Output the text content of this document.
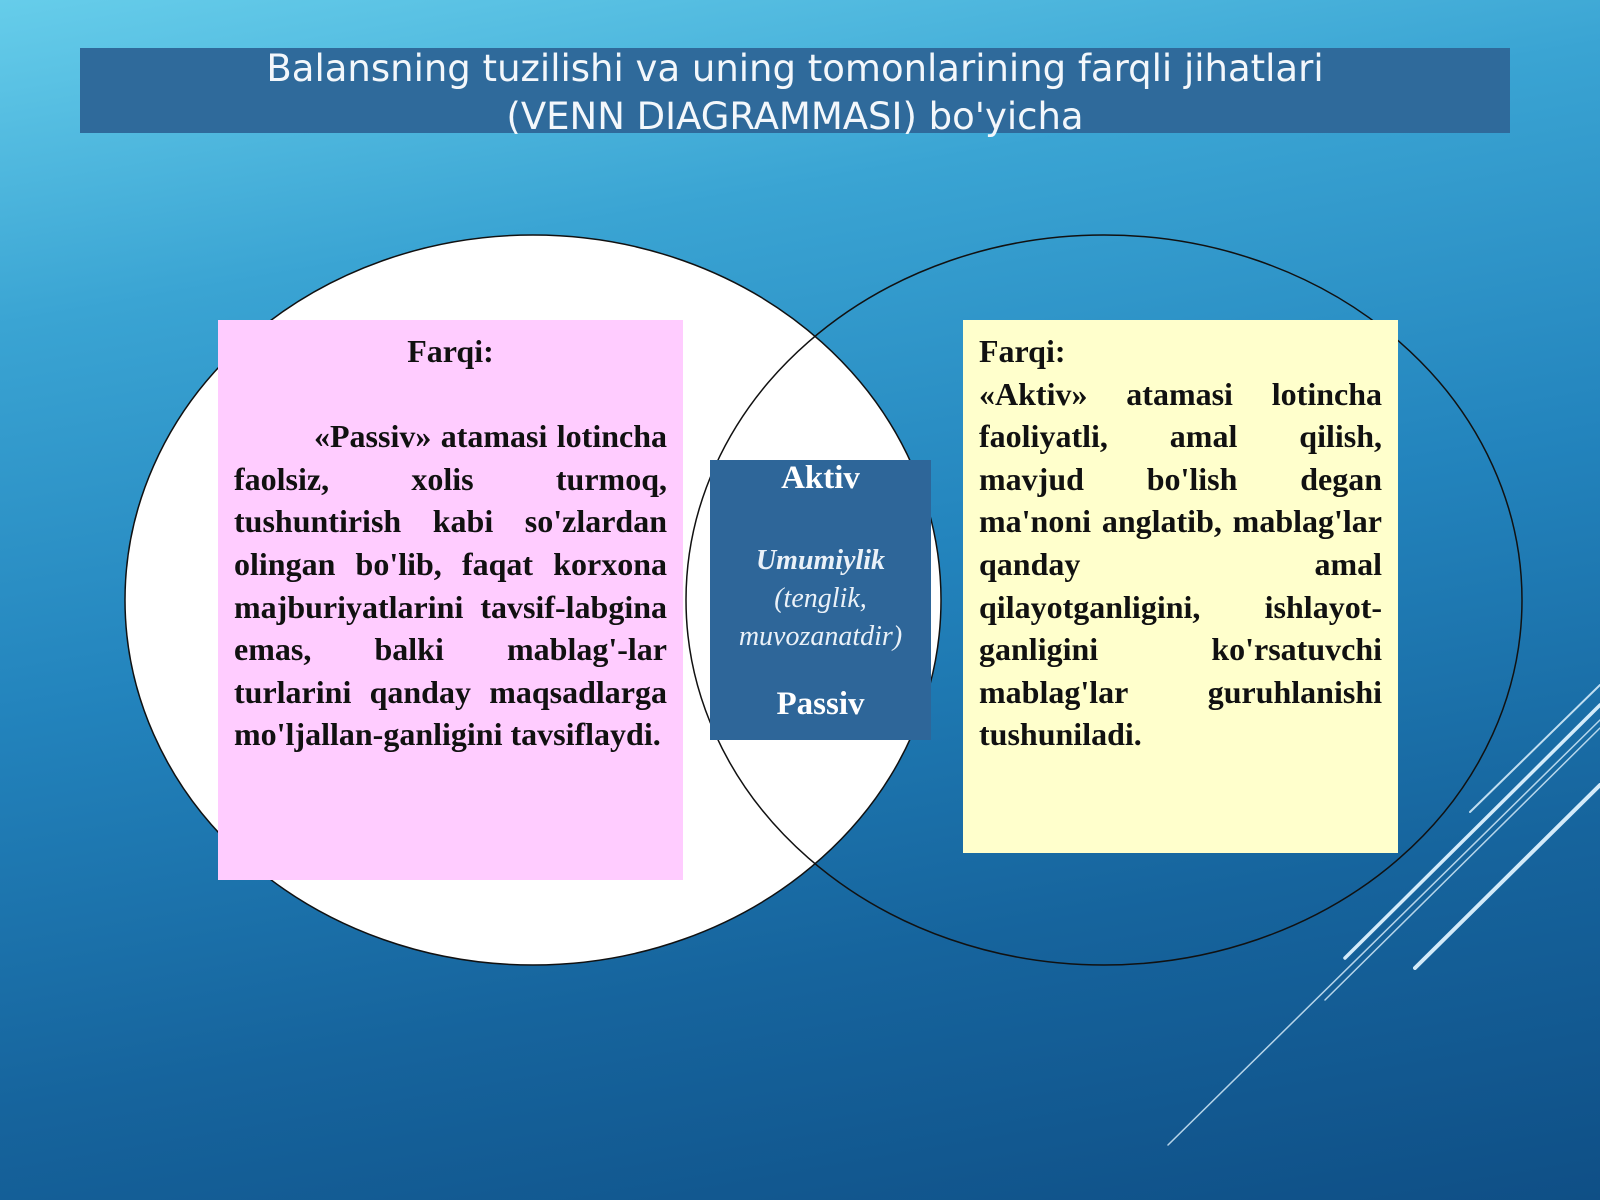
Balansning tuzilishi va uning tomonlarining farqli jihatlari
(VENN DIAGRAMMASI) bo'yicha

Farqi:

«Passiv» atamasi lotincha faolsiz, xolis turmoq, tushuntirish kabi so'zlardan olingan bo'lib, faqat korxona majburiyatlarini tavsif-labgina emas, balki mablag'-lar turlarini qanday maqsadlarga mo'ljallan-ganligini tavsiflaydi.

Farqi:

«Aktiv» atamasi lotincha faoliyatli, amal qilish, mavjud bo'lish degan ma'noni anglatib, mablag'lar qanday amal qilayotganligini, ishlayot-ganligini ko'rsatuvchi mablag'lar guruhlanishi tushuniladi.

Aktiv
Umumiylik
(tenglik, muvozanatdir)
Passiv
